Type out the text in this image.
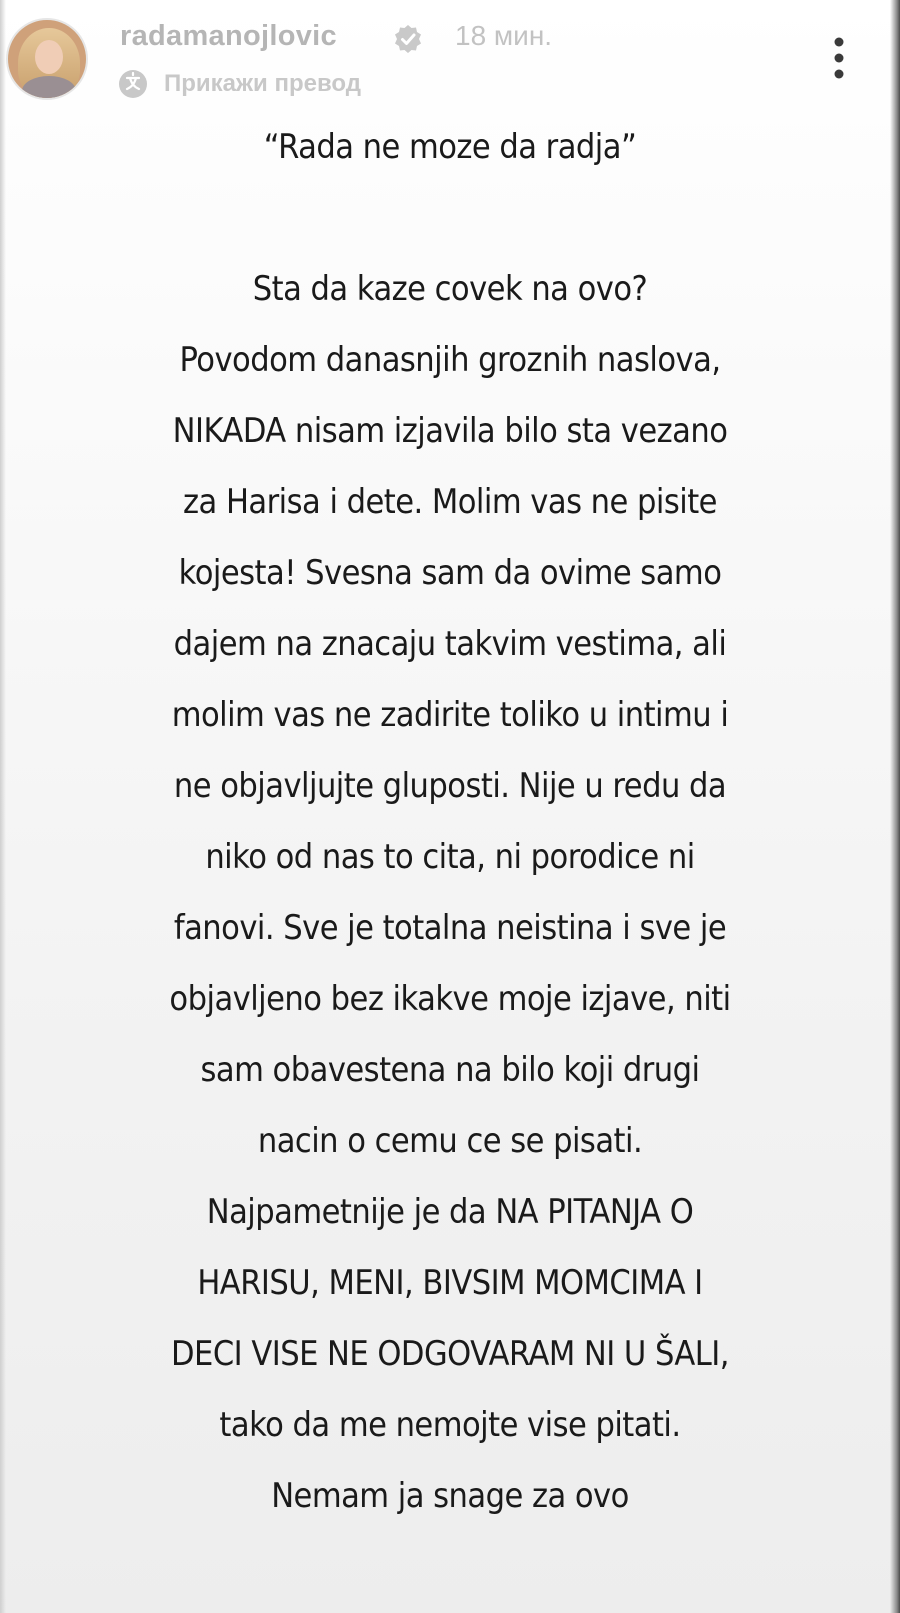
radamanojlovic	18 мин.
Прикажи превод
“Rada ne moze da radja”
Sta da kaze covek na ovo?
Povodom danasnjih groznih naslova,
NIKADA nisam izjavila bilo sta vezano
za Harisa i dete. Molim vas ne pisite
kojesta! Svesna sam da ovime samo
dajem na znacaju takvim vestima, ali
molim vas ne zadirite toliko u intimu i
ne objavljujte gluposti. Nije u redu da
niko od nas to cita, ni porodice ni
fanovi. Sve je totalna neistina i sve je
objavljeno bez ikakve moje izjave, niti
sam obavestena na bilo koji drugi
nacin o cemu ce se pisati.
Najpametnije je da NA PITANJA O
HARISU, MENI, BIVSIM MOMCIMA I
DECI VISE NE ODGOVARAM NI U ŠALI,
tako da me nemojte vise pitati.
Nemam ja snage za ovo
